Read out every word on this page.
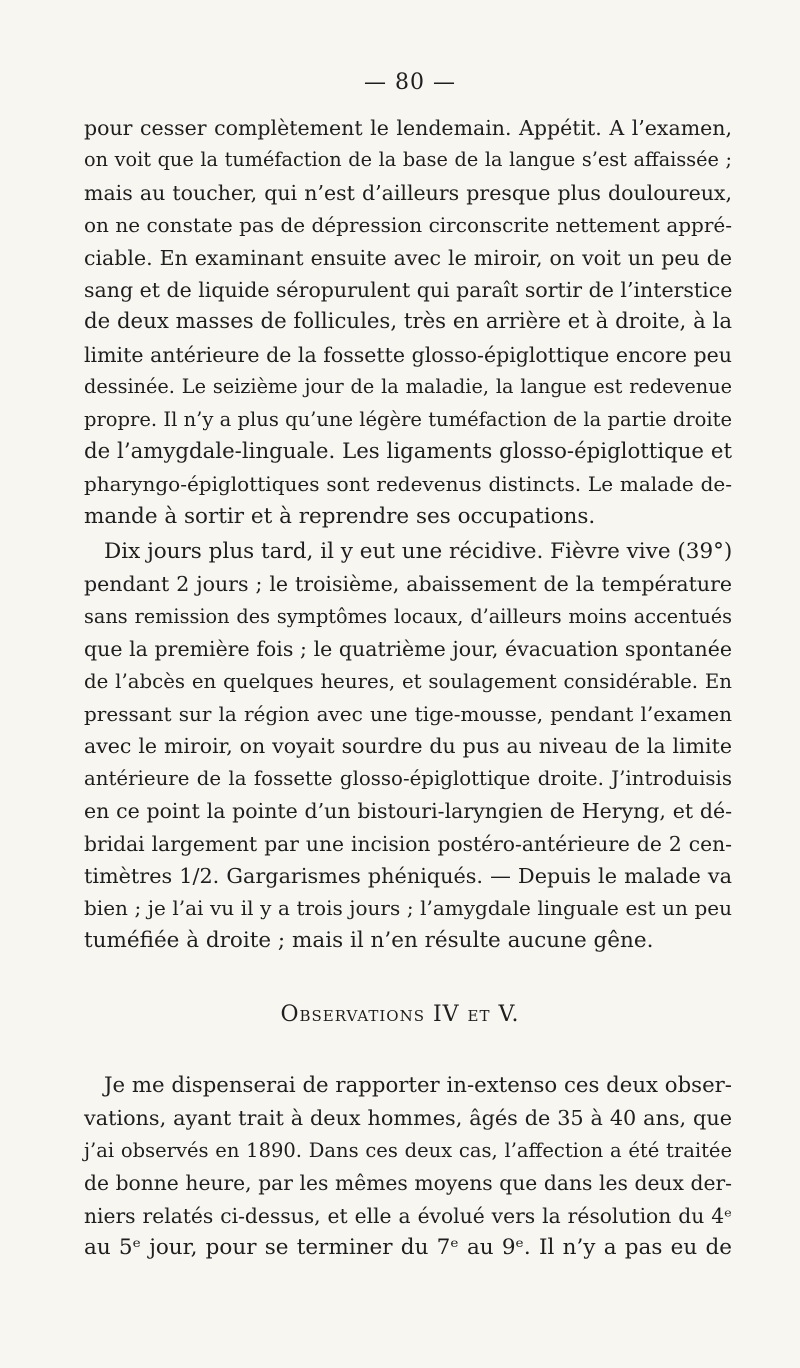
— 80 —
pour cesser complètement le lendemain. Appétit. A l’examen,
on voit que la tuméfaction de la base de la langue s’est affaissée ;
mais au toucher, qui n’est d’ailleurs presque plus douloureux,
on ne constate pas de dépression circonscrite nettement appré-
ciable. En examinant ensuite avec le miroir, on voit un peu de
sang et de liquide séropurulent qui paraît sortir de l’interstice
de deux masses de follicules, très en arrière et à droite, à la
limite antérieure de la fossette glosso-épiglottique encore peu
dessinée. Le seizième jour de la maladie, la langue est redevenue
propre. Il n’y a plus qu’une légère tuméfaction de la partie droite
de l’amygdale-linguale. Les ligaments glosso-épiglottique et
pharyngo-épiglottiques sont redevenus distincts. Le malade de-
mande à sortir et à reprendre ses occupations.
Dix jours plus tard, il y eut une récidive. Fièvre vive (39°)
pendant 2 jours ; le troisième, abaissement de la température
sans remission des symptômes locaux, d’ailleurs moins accentués
que la première fois ; le quatrième jour, évacuation spontanée
de l’abcès en quelques heures, et soulagement considérable. En
pressant sur la région avec une tige-mousse, pendant l’examen
avec le miroir, on voyait sourdre du pus au niveau de la limite
antérieure de la fossette glosso-épiglottique droite. J’introduisis
en ce point la pointe d’un bistouri-laryngien de Heryng, et dé-
bridai largement par une incision postéro-antérieure de 2 cen-
timètres 1/2. Gargarismes phéniqués. — Depuis le malade va
bien ; je l’ai vu il y a trois jours ; l’amygdale linguale est un peu
tuméfiée à droite ; mais il n’en résulte aucune gêne.
Observations IV et V.
Je me dispenserai de rapporter in-extenso ces deux obser-
vations, ayant trait à deux hommes, âgés de 35 à 40 ans, que
j’ai observés en 1890. Dans ces deux cas, l’affection a été traitée
de bonne heure, par les mêmes moyens que dans les deux der-
niers relatés ci-dessus, et elle a évolué vers la résolution du 4ᵉ
au 5ᵉ jour, pour se terminer du 7ᵉ au 9ᵉ. Il n’y a pas eu de
